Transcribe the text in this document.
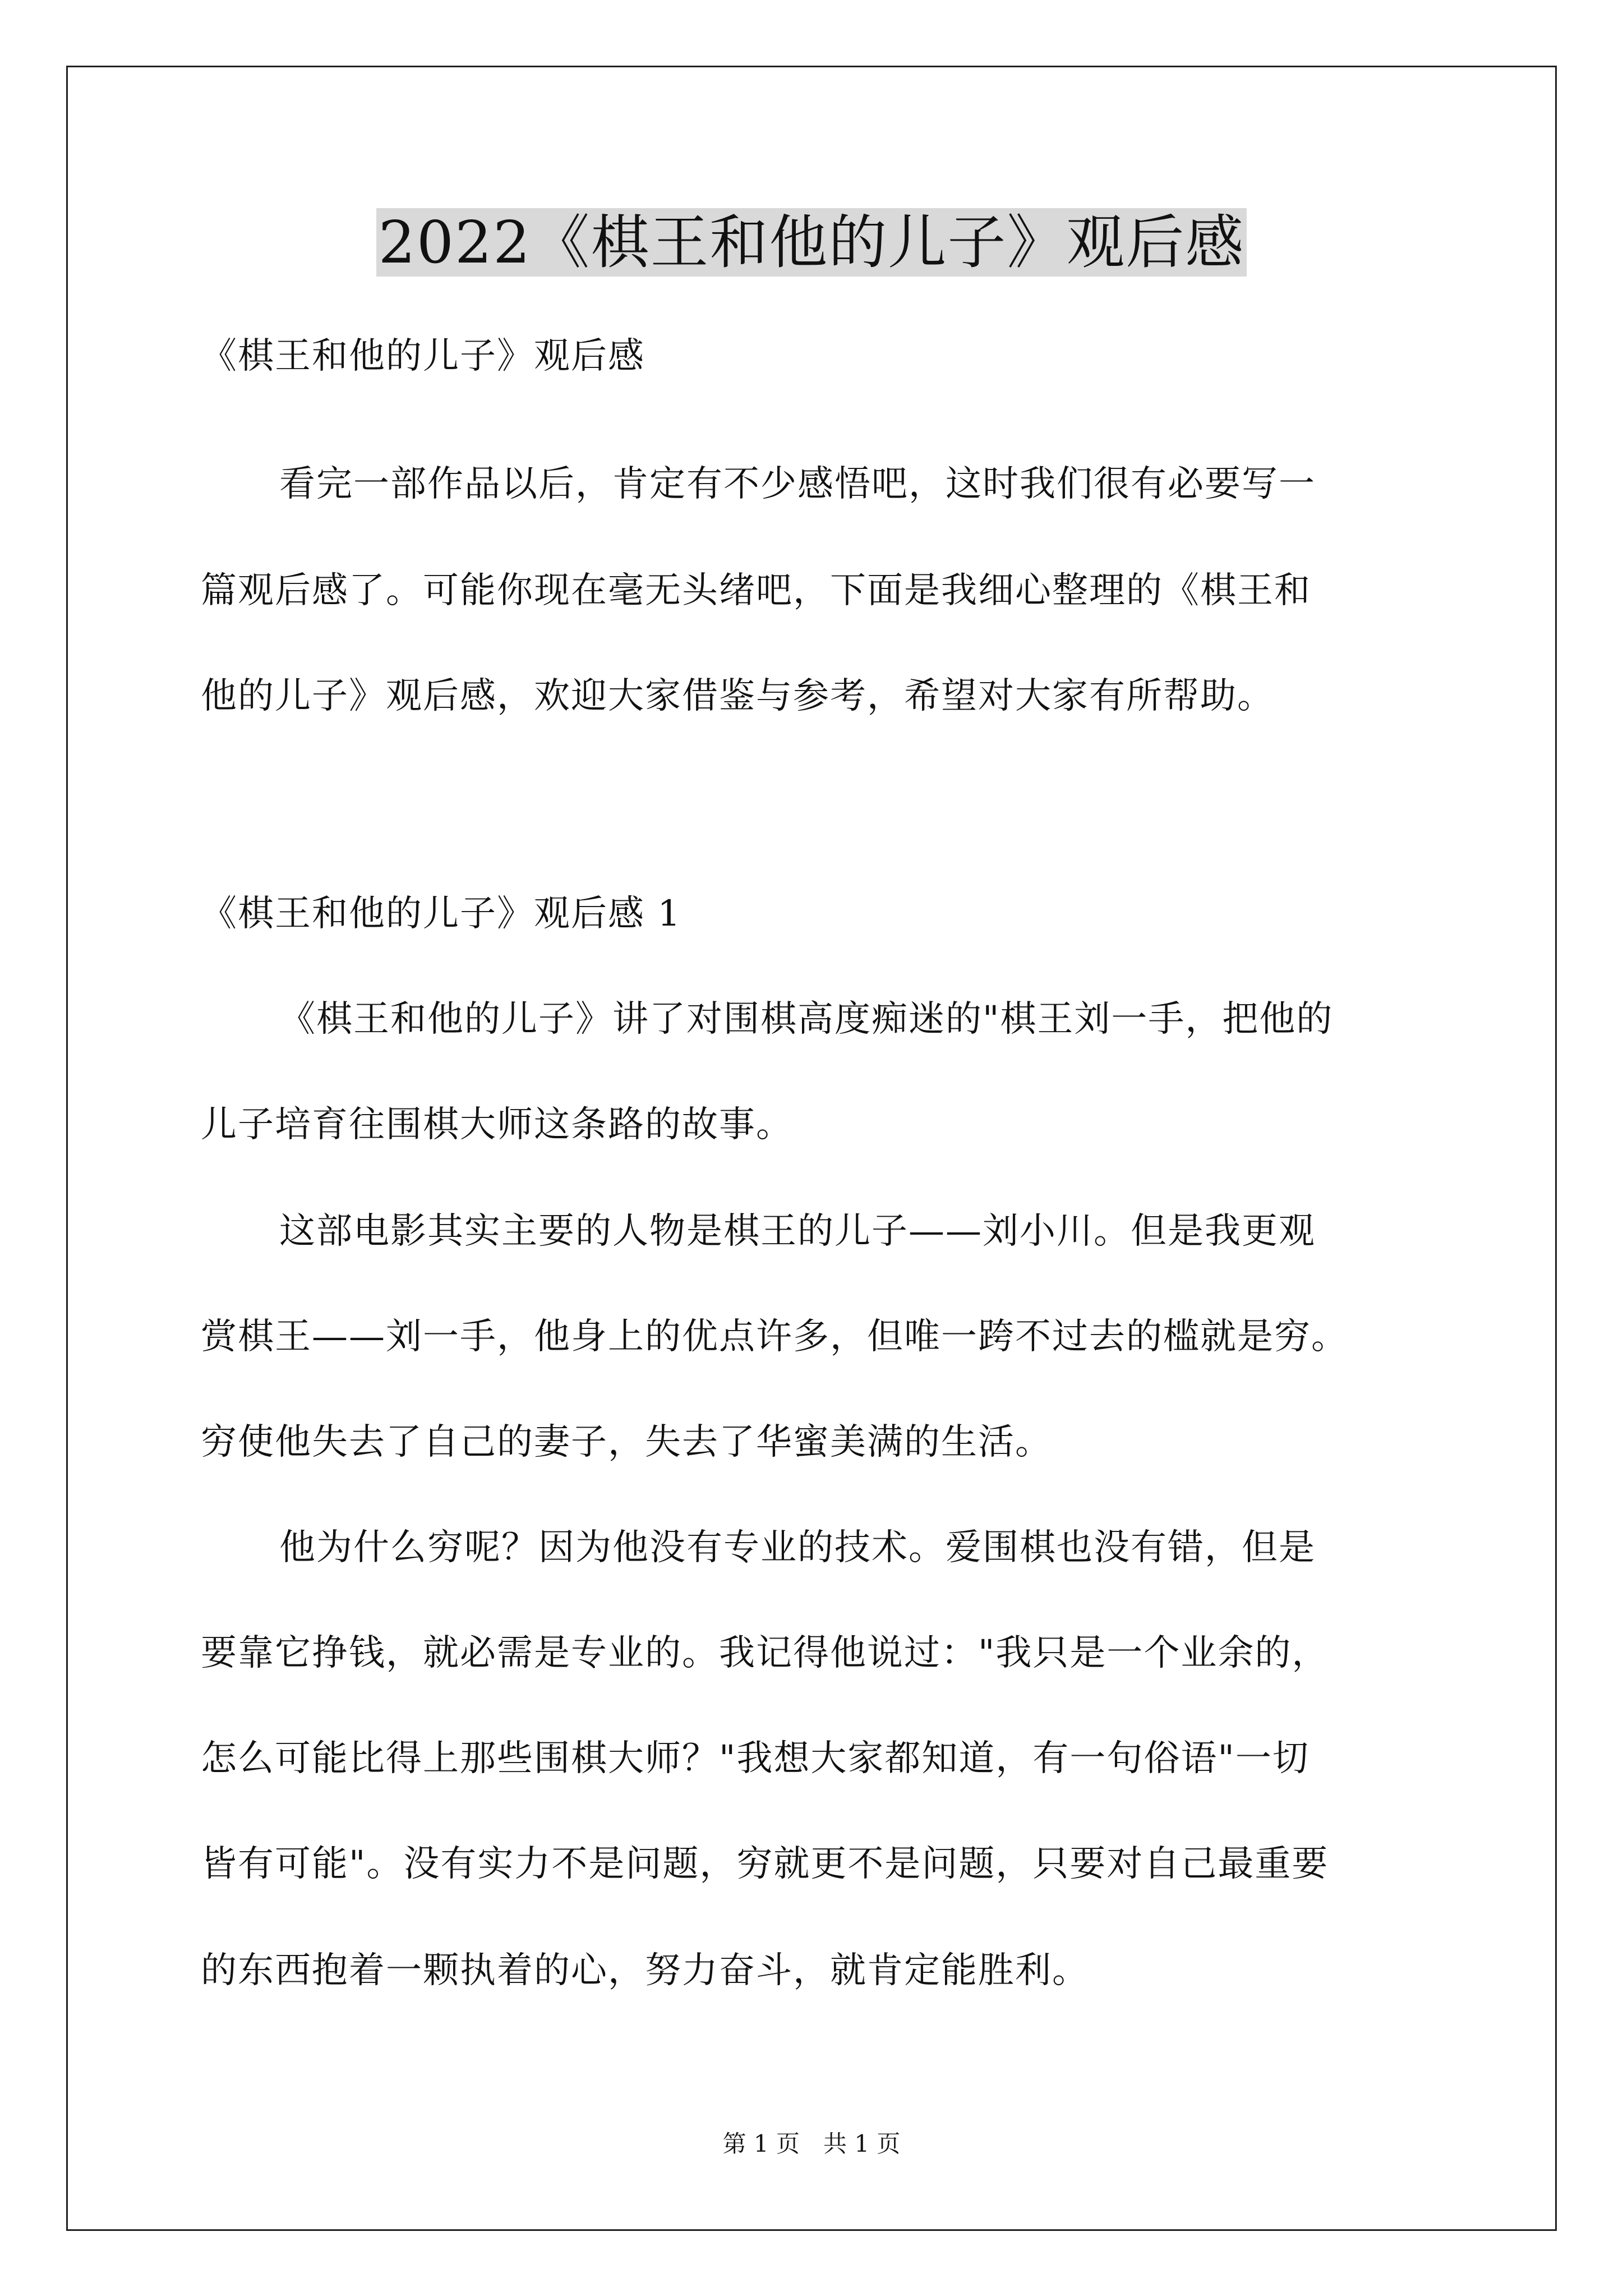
2022《棋王和他的儿子》观后感
《棋王和他的儿子》观后感
看完一部作品以后，肯定有不少感悟吧，这时我们很有必要写一
篇观后感了。可能你现在毫无头绪吧，下面是我细心整理的《棋王和
他的儿子》观后感，欢迎大家借鉴与参考，希望对大家有所帮助。
《棋王和他的儿子》观后感 1
《棋王和他的儿子》讲了对围棋高度痴迷的"棋王刘一手，把他的
儿子培育往围棋大师这条路的故事。
这部电影其实主要的人物是棋王的儿子——刘小川。但是我更观
赏棋王——刘一手，他身上的优点许多，但唯一跨不过去的槛就是穷。
穷使他失去了自己的妻子，失去了华蜜美满的生活。
他为什么穷呢？因为他没有专业的技术。爱围棋也没有错，但是
要靠它挣钱，就必需是专业的。我记得他说过："我只是一个业余的，
怎么可能比得上那些围棋大师？"我想大家都知道，有一句俗语"一切
皆有可能"。没有实力不是问题，穷就更不是问题，只要对自己最重要
的东西抱着一颗执着的心，努力奋斗，就肯定能胜利。
第 1 页　共 1 页
